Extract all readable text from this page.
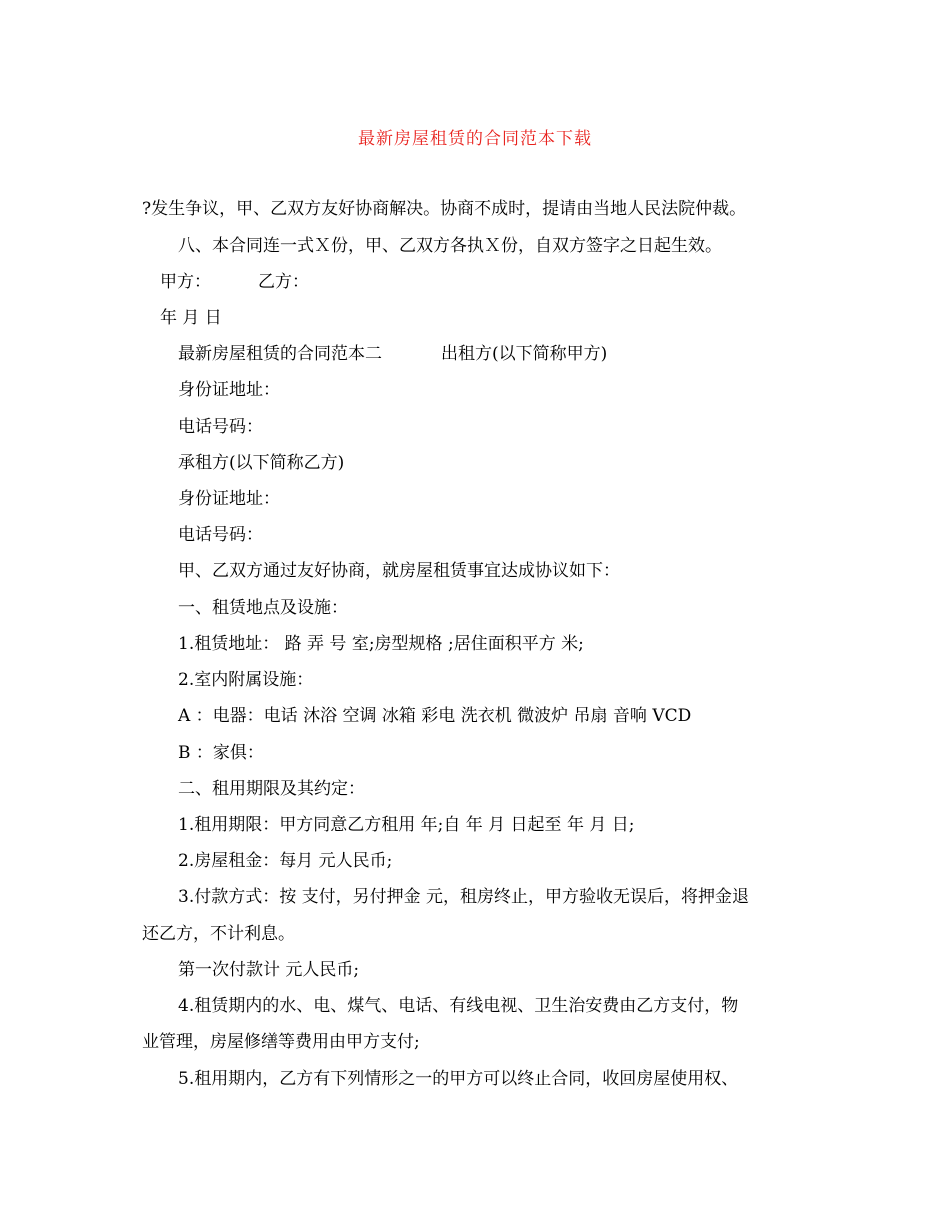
最新房屋租赁的合同范本下载
?发生争议，甲、乙双方友好协商解决。协商不成时，提请由当地人民法院仲裁。
八、本合同连一式Ｘ份，甲、乙双方各执Ｘ份，自双方签字之日起生效。
甲方：	乙方：
年 月 日
最新房屋租赁的合同范本二	出租方(以下简称甲方)
身份证地址：
电话号码：
承租方(以下简称乙方)
身份证地址：
电话号码：
甲、乙双方通过友好协商，就房屋租赁事宜达成协议如下：
一、租赁地点及设施：
1.租赁地址： 路 弄 号 室;房型规格 ;居住面积平方 米;
2.室内附属设施：
A ：电器：电话 沐浴 空调 冰箱 彩电 洗衣机 微波炉 吊扇 音响 VCD
B ：家俱：
二、租用期限及其约定：
1.租用期限：甲方同意乙方租用 年;自 年 月 日起至 年 月 日;
2.房屋租金：每月 元人民币;
3.付款方式：按 支付，另付押金 元，租房终止，甲方验收无误后，将押金退
还乙方，不计利息。
第一次付款计 元人民币;
4.租赁期内的水、电、煤气、电话、有线电视、卫生治安费由乙方支付，物
业管理，房屋修缮等费用由甲方支付;
5.租用期内，乙方有下列情形之一的甲方可以终止合同，收回房屋使用权、
